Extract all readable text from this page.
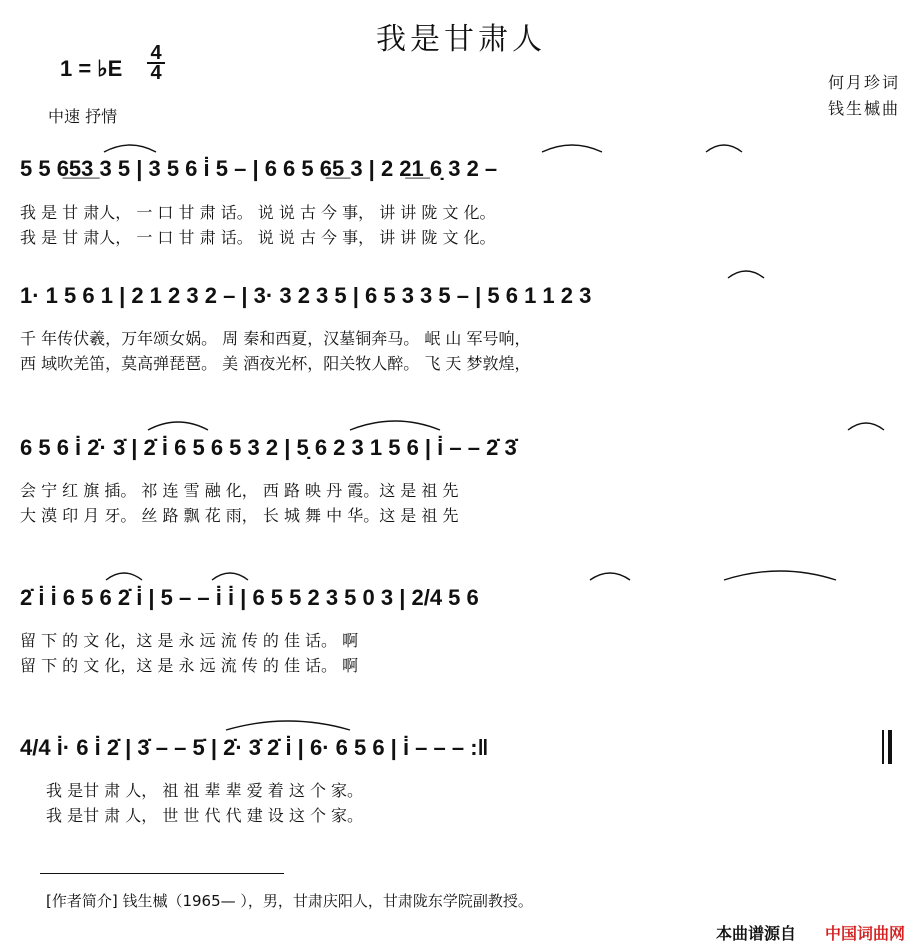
我是甘肃人
1 = ♭E
4
4
中速 抒情
何月珍词
钱生槭曲
5 5 6̲5̲3̲ 3 5 | 3 5 6 i̇ 5 – | 6 6 5 6̲5̲ 3 | 2 2̲1̲ 6̣ 3 2 –
我 是 甘 肃人， 一 口 甘 肃 话。 说 说 古 今 事， 讲 讲 陇 文 化。
我 是 甘 肃人， 一 口 甘 肃 话。 说 说 古 今 事， 讲 讲 陇 文 化。
1· 1 5 6 1 | 2 1 2 3 2 – | 3· 3 2 3 5 | 6 5 3 3 5 – | 5 6 1 1 2 3
千 年传伏羲，万年颂女娲。 周 秦和西夏，汉墓铜奔马。 岷 山 军号响，
西 域吹羌笛，莫高弹琵琶。 美 酒夜光杯，阳关牧人醉。 飞 天 梦敦煌，
6 5 6 i̇ 2̇· 3̇ | 2̇ i̇ 6 5 6 5 3 2 | 5̣ 6 2 3 1 5 6 | i̇ – – 2̇ 3̇
会 宁 红 旗 插。 祁 连 雪 融 化， 西 路 映 丹 霞。这 是 祖 先
大 漠 印 月 牙。 丝 路 飘 花 雨， 长 城 舞 中 华。这 是 祖 先
2̇ i̇ i̇ 6 5 6 2̇ i̇ | 5 – – i̇ i̇ | 6 5 5 2 3 5 0 3 | 2/4 5 6
留 下 的 文 化，这 是 永 远 流 传 的 佳 话。 啊
留 下 的 文 化，这 是 永 远 流 传 的 佳 话。 啊
4/4 i̇· 6 i̇ 2̇ | 3̇ – – 5̇ | 2̇· 3̇ 2̇ i̇ | 6· 6 5 6 | i̇ – – – :‖
我 是甘 肃 人， 祖 祖 辈 辈 爱 着 这 个 家。
我 是甘 肃 人， 世 世 代 代 建 设 这 个 家。
[作者简介] 钱生槭（1965— ），男，甘肃庆阳人，甘肃陇东学院副教授。
本曲谱源自 中国词曲网
